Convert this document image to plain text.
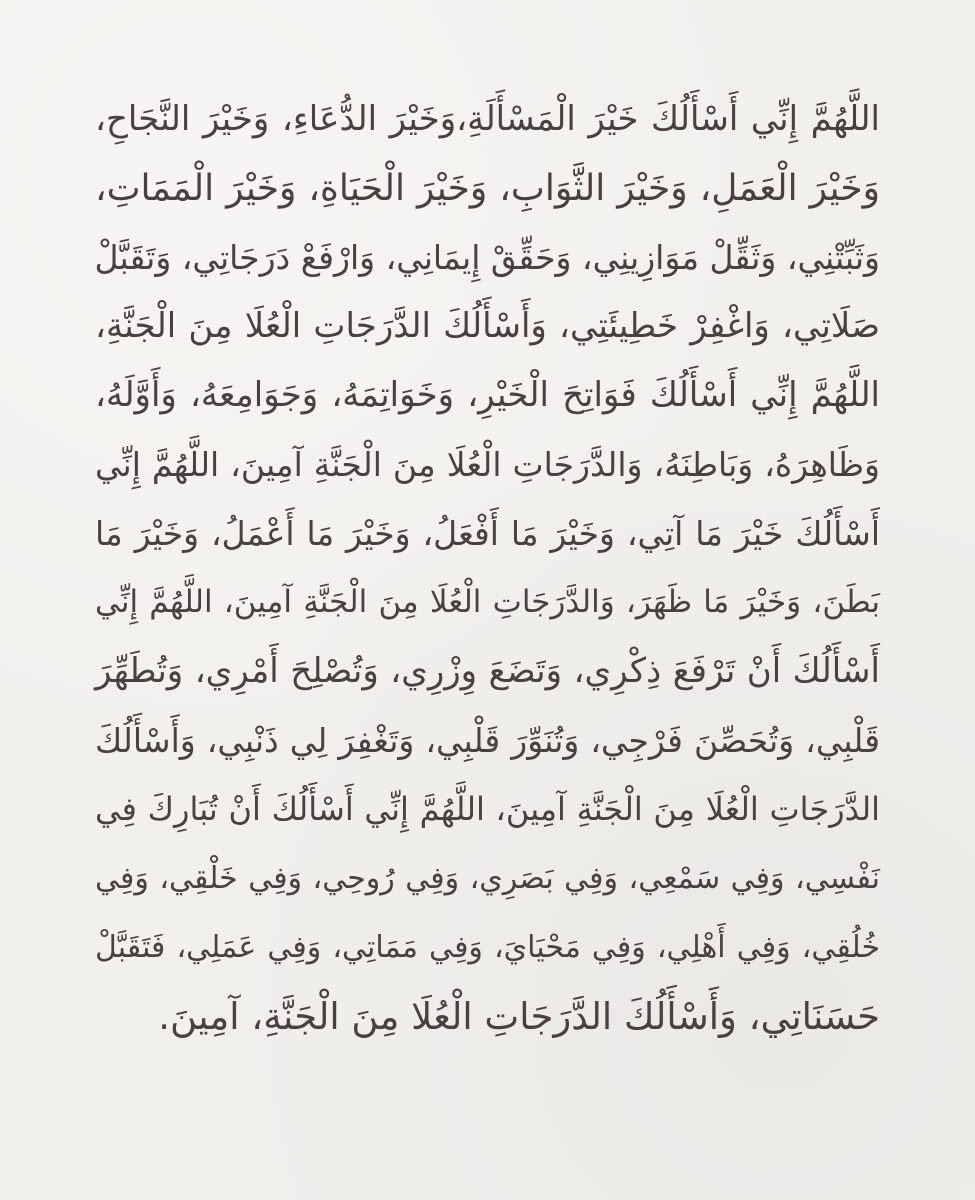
اللَّهُمَّ إِنِّي أَسْأَلُكَ خَيْرَ الْمَسْأَلَةِ،وَخَيْرَ الدُّعَاءِ، وَخَيْرَ النَّجَاحِ،
وَخَيْرَ الْعَمَلِ، وَخَيْرَ الثَّوَابِ، وَخَيْرَ الْحَيَاةِ، وَخَيْرَ الْمَمَاتِ،
وَثَبِّتْنِي، وَثَقِّلْ مَوَازِينِي، وَحَقِّقْ إِيمَانِي، وَارْفَعْ دَرَجَاتِي، وَتَقَبَّلْ
صَلَاتِي، وَاغْفِرْ خَطِيئَتِي، وَأَسْأَلُكَ الدَّرَجَاتِ الْعُلَا مِنَ الْجَنَّةِ،
اللَّهُمَّ إِنِّي أَسْأَلُكَ فَوَاتِحَ الْخَيْرِ، وَخَوَاتِمَهُ، وَجَوَامِعَهُ، وَأَوَّلَهُ،
وَظَاهِرَهُ، وَبَاطِنَهُ، وَالدَّرَجَاتِ الْعُلَا مِنَ الْجَنَّةِ آمِينَ، اللَّهُمَّ إِنِّي
أَسْأَلُكَ خَيْرَ مَا آتِي، وَخَيْرَ مَا أَفْعَلُ، وَخَيْرَ مَا أَعْمَلُ، وَخَيْرَ مَا
بَطَنَ، وَخَيْرَ مَا ظَهَرَ، وَالدَّرَجَاتِ الْعُلَا مِنَ الْجَنَّةِ آمِينَ، اللَّهُمَّ إِنِّي
أَسْأَلُكَ أَنْ تَرْفَعَ ذِكْرِي، وَتَضَعَ وِزْرِي، وَتُصْلِحَ أَمْرِي، وَتُطَهِّرَ
قَلْبِي، وَتُحَصِّنَ فَرْجِي، وَتُنَوِّرَ قَلْبِي، وَتَغْفِرَ لِي ذَنْبِي، وَأَسْأَلُكَ
الدَّرَجَاتِ الْعُلَا مِنَ الْجَنَّةِ آمِينَ، اللَّهُمَّ إِنِّي أَسْأَلُكَ أَنْ تُبَارِكَ فِي
نَفْسِي، وَفِي سَمْعِي، وَفِي بَصَرِي، وَفِي رُوحِي، وَفِي خَلْقِي، وَفِي
خُلُقِي، وَفِي أَهْلِي، وَفِي مَحْيَايَ، وَفِي مَمَاتِي، وَفِي عَمَلِي، فَتَقَبَّلْ
حَسَنَاتِي، وَأَسْأَلُكَ الدَّرَجَاتِ الْعُلَا مِنَ الْجَنَّةِ، آمِينَ.
